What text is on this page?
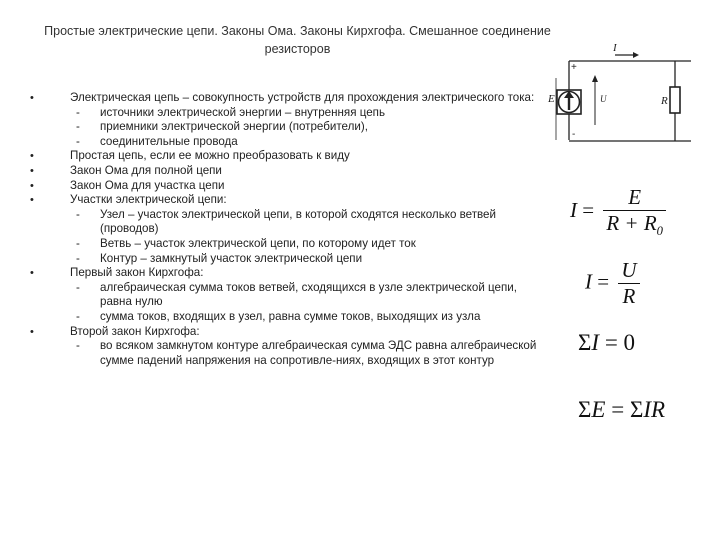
Простые электрические цепи. Законы Ома. Законы Кирхгофа. Смешанное соединение резисторов
•	Электрическая цепь – совокупность устройств для прохождения электрического тока:
- источники электрической энергии – внутренняя цепь
- приемники электрической энергии (потребители),
- соединительные провода
•	Простая цепь, если ее можно преобразовать к виду
•	Закон Ома для полной цепи
•	Закон Ома для участка цепи
•	Участки электрической цепи:
- Узел – участок электрической цепи, в которой сходятся несколько ветвей (проводов)
- Ветвь – участок электрической цепи, по которому идет ток
- Контур – замкнутый участок электрической цепи
•	Первый закон Кирхгофа:
- алгебраическая сумма токов ветвей, сходящихся в узле электрической цепи, равна нулю
- сумма токов, входящих в узел, равна сумме токов, выходящих из узла
•	Второй закон Кирхгофа:
- во всяком замкнутом контуре алгебраическая сумма ЭДС равна алгебраической сумме падений напряжения на сопротивле-ниях, входящих в этот контур
I
E	U	R
+
-
$I = \frac{E}{R + R_0}$
$I = \frac{U}{R}$
ΣI = 0
ΣE = ΣIR
